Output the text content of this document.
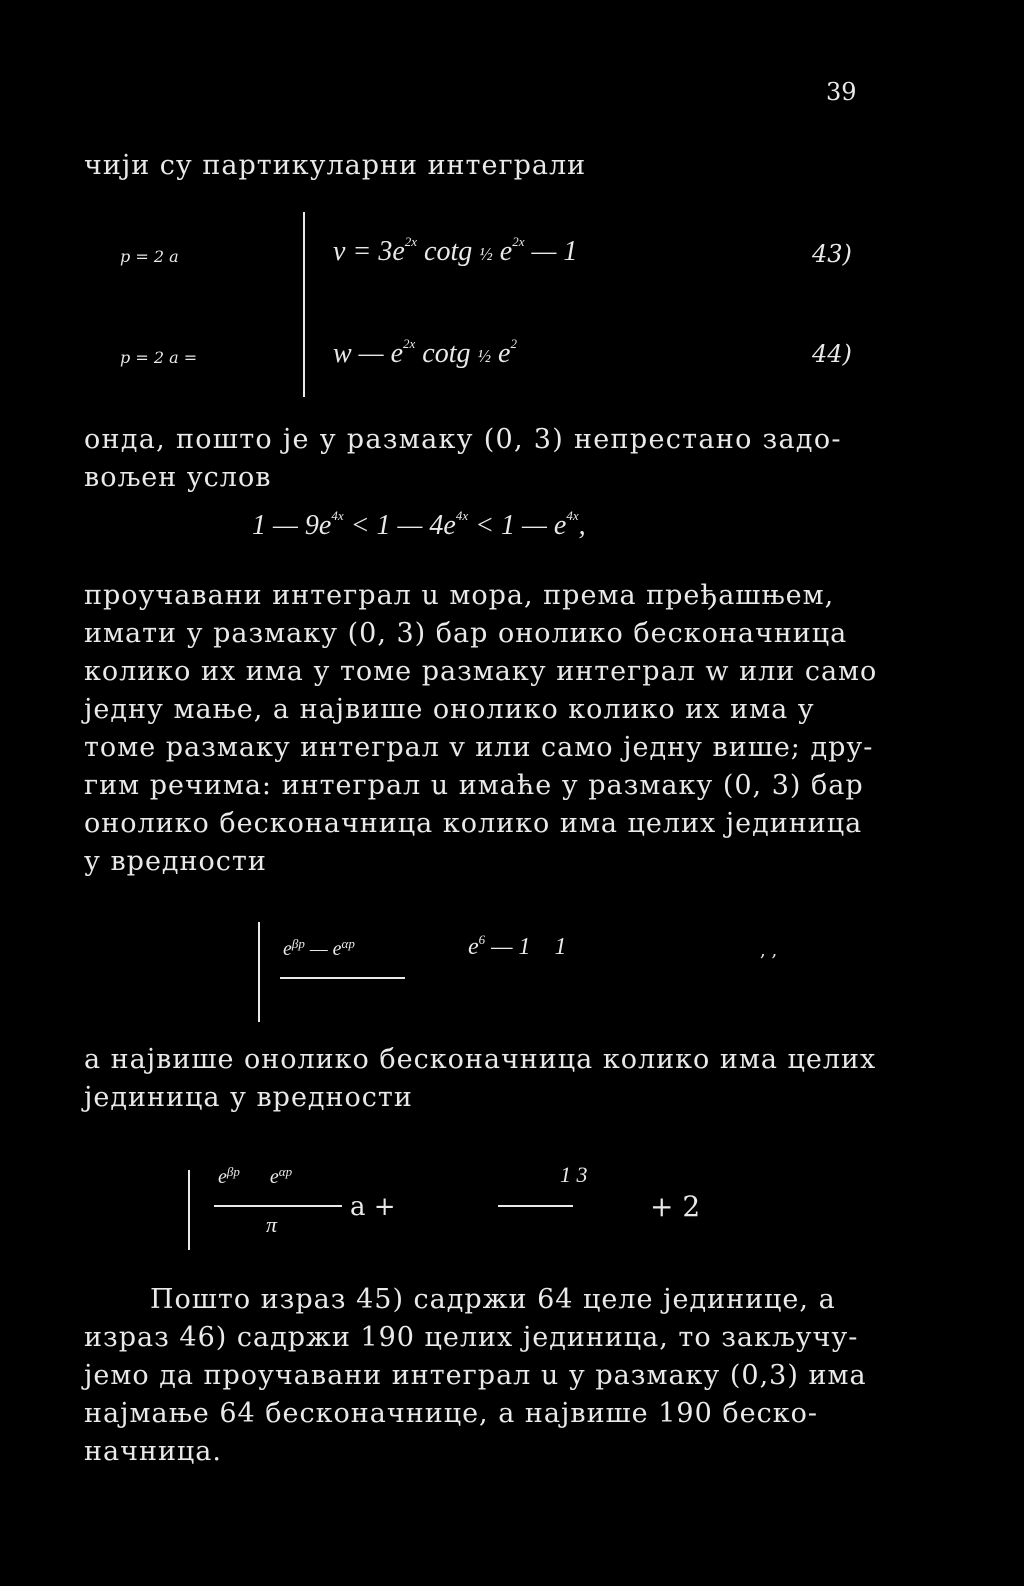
39
чији су партикуларни интеграли
p = 2 a	$v = 3e^{2x}$ cotg ½ $e^{2x}$ — 1	43)
p = 2 a =	w — $e^{2x}$ cotg ½ $e^2$	44)
онда, пошто је у размаку (0, 3) непрестано задо-
вољен услов
1 — $9e^{4x} < 1$ — $4e^{4x} < 1$ — $e^{4x}$,
проучавани интеграл u мора, према пређашњем,
имати у размаку (0, 3) бар онолико бесконачница
колико их има у томе размаку интеграл w или само
једну мање, а највише онолико колико их има у
томе размаку интеграл v или само једну више; дру-
гим речима: интеграл u имаће у размаку (0, 3) бар
онолико бесконачница колико има целих јединица
у вредности
$e^{\beta p}$ — $e^{\alpha p}$	$e^6$ — 1    1	, ,
а највише онолико бесконачница колико има целих
јединица у вредности
$e^{\beta p}$      $e^{\alpha p}$
π
a +
1 3
+ 2
Пошто израз 45) садржи 64 целе јединице, а
израз 46) садржи 190 целих јединица, то закључу-
јемо да проучавани интеграл u у размаку (0,3) има
најмање 64 бесконачнице, а највише 190 беско-
начница.
